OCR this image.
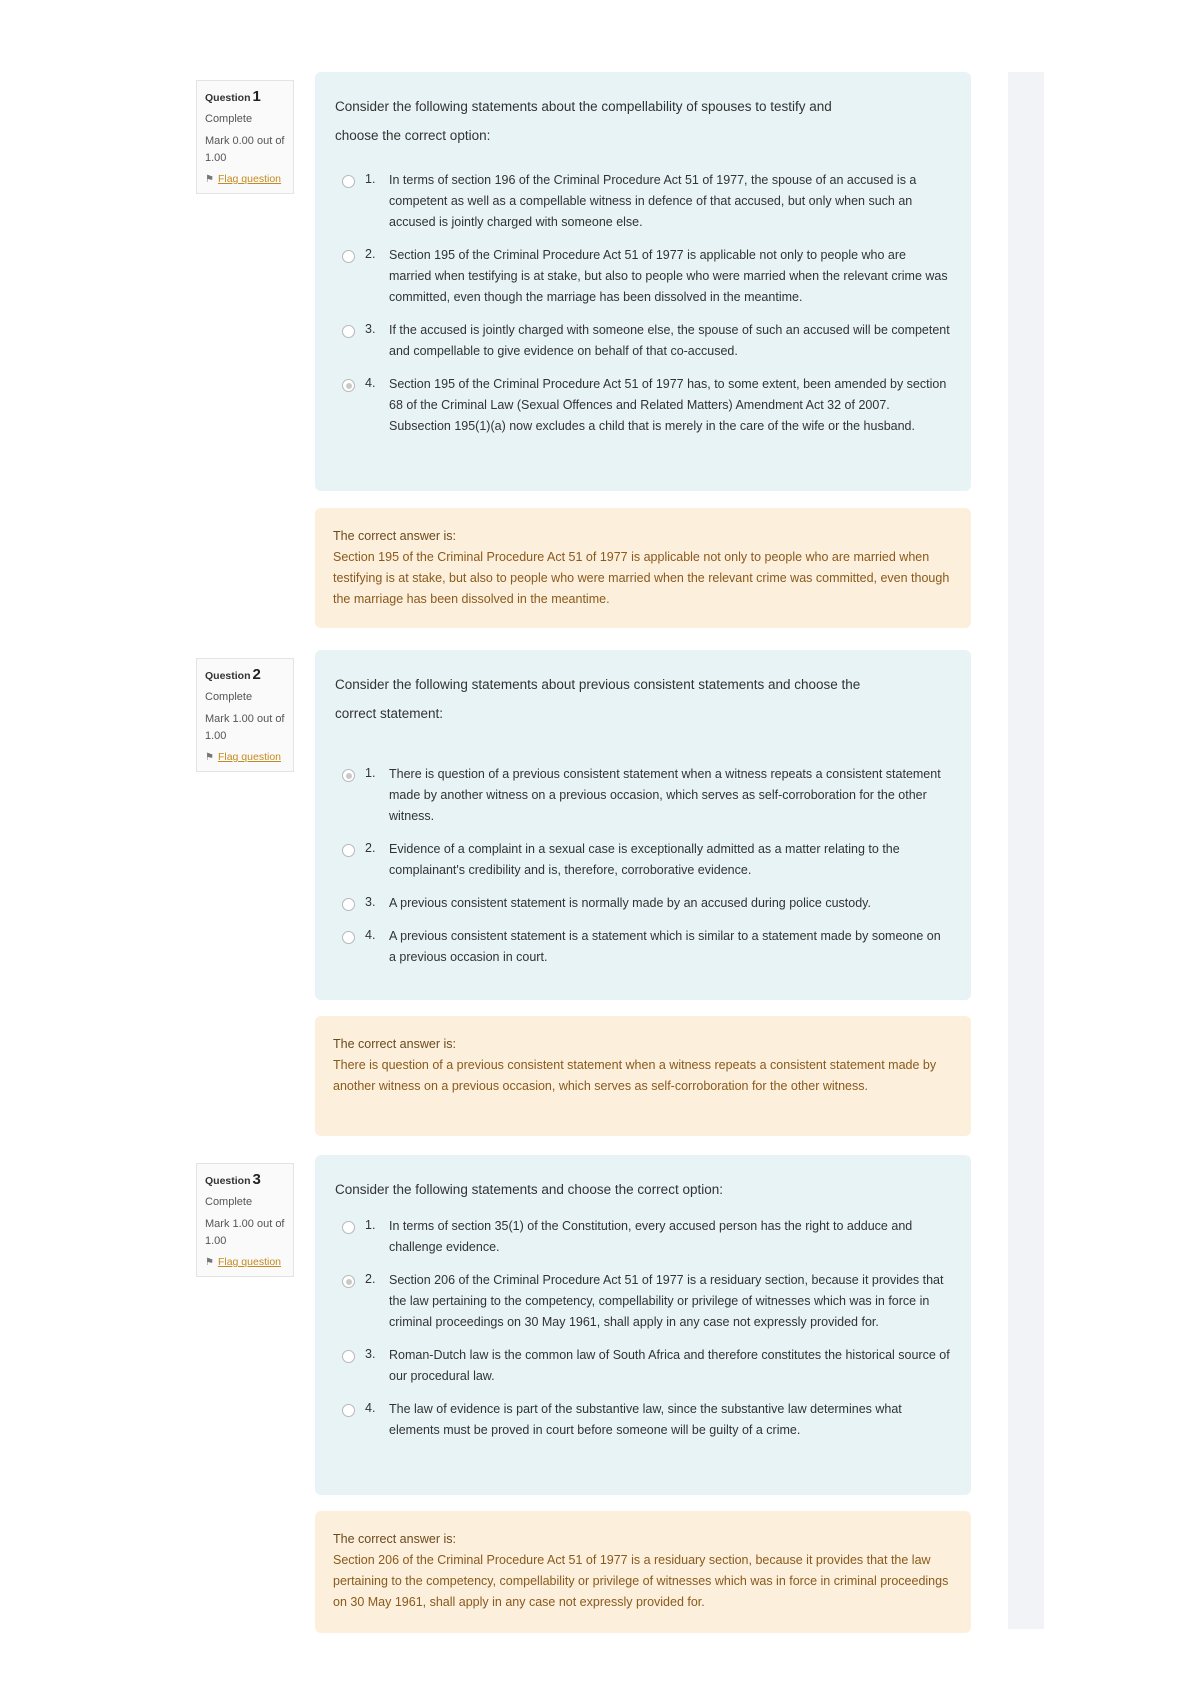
Question 1
Complete
Mark 0.00 out of 1.00
⚑ Flag question
Consider the following statements about the compellability of spouses to testify and choose the correct option:
1.	In terms of section 196 of the Criminal Procedure Act 51 of 1977, the spouse of an accused is a competent as well as a compellable witness in defence of that accused, but only when such an accused is jointly charged with someone else.
2.	Section 195 of the Criminal Procedure Act 51 of 1977 is applicable not only to people who are married when testifying is at stake, but also to people who were married when the relevant crime was committed, even though the marriage has been dissolved in the meantime.
3.	If the accused is jointly charged with someone else, the spouse of such an accused will be competent and compellable to give evidence on behalf of that co-accused.
4.	Section 195 of the Criminal Procedure Act 51 of 1977 has, to some extent, been amended by section 68 of the Criminal Law (Sexual Offences and Related Matters) Amendment Act 32 of 2007. Subsection 195(1)(a) now excludes a child that is merely in the care of the wife or the husband.
The correct answer is:
Section 195 of the Criminal Procedure Act 51 of 1977 is applicable not only to people who are married when testifying is at stake, but also to people who were married when the relevant crime was committed, even though the marriage has been dissolved in the meantime.
Question 2
Complete
Mark 1.00 out of 1.00
⚑ Flag question
Consider the following statements about previous consistent statements and choose the correct statement:
1.	There is question of a previous consistent statement when a witness repeats a consistent statement made by another witness on a previous occasion, which serves as self-corroboration for the other witness.
2.	Evidence of a complaint in a sexual case is exceptionally admitted as a matter relating to the complainant's credibility and is, therefore, corroborative evidence.
3.	A previous consistent statement is normally made by an accused during police custody.
4.	A previous consistent statement is a statement which is similar to a statement made by someone on a previous occasion in court.
The correct answer is:
There is question of a previous consistent statement when a witness repeats a consistent statement made by another witness on a previous occasion, which serves as self-corroboration for the other witness.
Question 3
Complete
Mark 1.00 out of 1.00
⚑ Flag question
Consider the following statements and choose the correct option:
1.	In terms of section 35(1) of the Constitution, every accused person has the right to adduce and challenge evidence.
2.	Section 206 of the Criminal Procedure Act 51 of 1977 is a residuary section, because it provides that the law pertaining to the competency, compellability or privilege of witnesses which was in force in criminal proceedings on 30 May 1961, shall apply in any case not expressly provided for.
3.	Roman-Dutch law is the common law of South Africa and therefore constitutes the historical source of our procedural law.
4.	The law of evidence is part of the substantive law, since the substantive law determines what elements must be proved in court before someone will be guilty of a crime.
The correct answer is:
Section 206 of the Criminal Procedure Act 51 of 1977 is a residuary section, because it provides that the law pertaining to the competency, compellability or privilege of witnesses which was in force in criminal proceedings on 30 May 1961, shall apply in any case not expressly provided for.
